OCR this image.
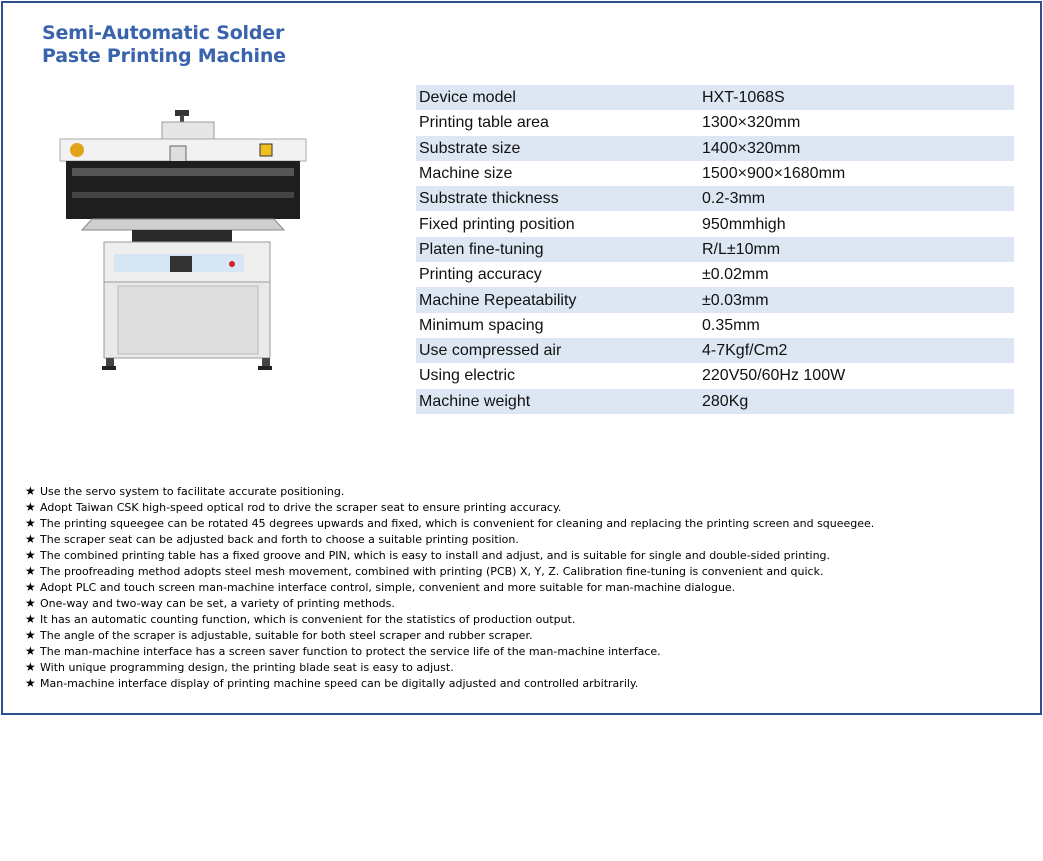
Semi-Automatic Solder
Paste Printing Machine
Device model	HXT-1068S
Printing table area	1300×320mm
Substrate size	1400×320mm
Machine size	1500×900×1680mm
Substrate thickness	0.2-3mm
Fixed printing position	950mmhigh
Platen fine-tuning	R/L±10mm
Printing accuracy	±0.02mm
Machine Repeatability	±0.03mm
Minimum spacing	0.35mm
Use compressed air	4-7Kgf/Cm2
Using electric	220V50/60Hz 100W
Machine weight	280Kg
★ Use the servo system to facilitate accurate positioning.
★ Adopt Taiwan CSK high-speed optical rod to drive the scraper seat to ensure printing accuracy.
★ The printing squeegee can be rotated 45 degrees upwards and fixed, which is convenient for cleaning and replacing the printing screen and squeegee.
★ The scraper seat can be adjusted back and forth to choose a suitable printing position.
★ The combined printing table has a fixed groove and PIN, which is easy to install and adjust, and is suitable for single and double-sided printing.
★ The proofreading method adopts steel mesh movement, combined with printing (PCB) X, Y, Z. Calibration fine-tuning is convenient and quick.
★ Adopt PLC and touch screen man-machine interface control, simple, convenient and more suitable for man-machine dialogue.
★ One-way and two-way can be set, a variety of printing methods.
★ It has an automatic counting function, which is convenient for the statistics of production output.
★ The angle of the scraper is adjustable, suitable for both steel scraper and rubber scraper.
★ The man-machine interface has a screen saver function to protect the service life of the man-machine interface.
★ With unique programming design, the printing blade seat is easy to adjust.
★ Man-machine interface display of printing machine speed can be digitally adjusted and controlled arbitrarily.
